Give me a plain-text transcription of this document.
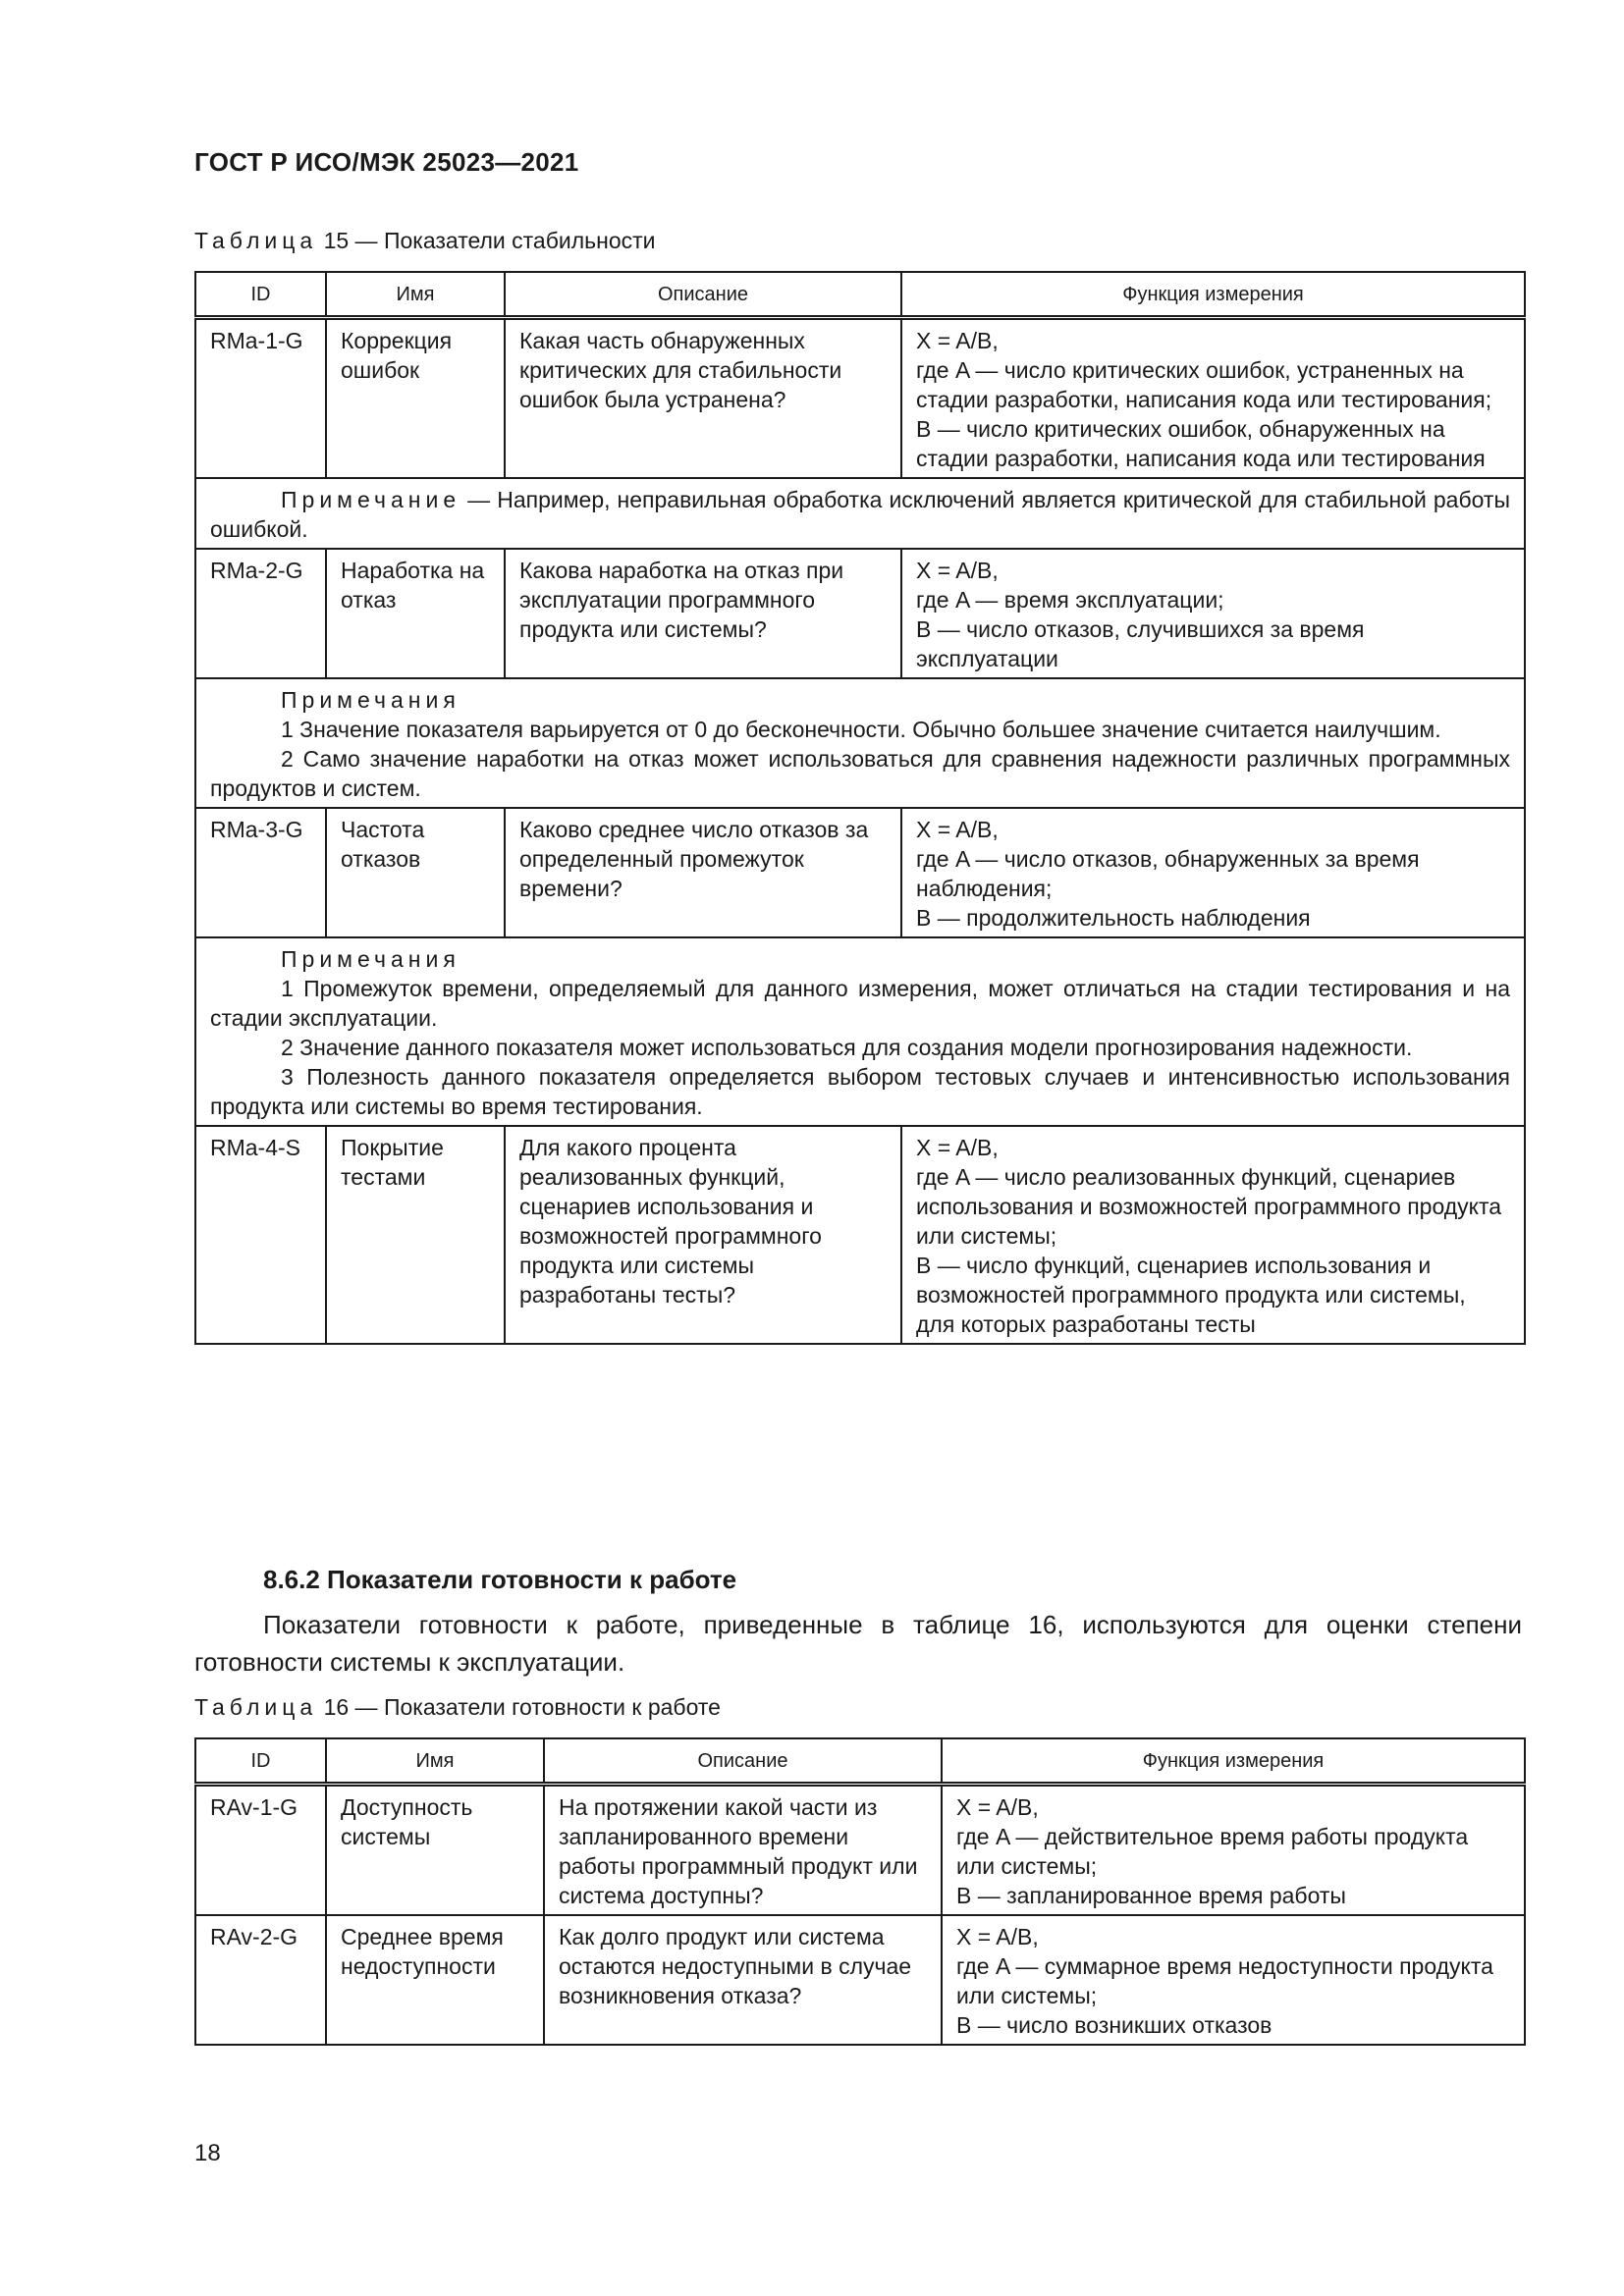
ГОСТ Р ИСО/МЭК 25023—2021
Таблица 15 — Показатели стабильности
ID	Имя	Описание	Функция измерения
RMa-1-G	Коррекция ошибок	Какая часть обнаруженных критических для стабильности ошибок была устранена?	X = A/B,
где A — число критических ошибок, устраненных на стадии разработки, написания кода или тестирования;
B — число критических ошибок, обнаруженных на стадии разработки, написания кода или тестирования

Примечание — Например, неправильная обработка исключений является критической для стабильной работы ошибкой.			

RMa-2-G	Наработка на отказ	Какова наработка на отказ при эксплуатации программного продукта или системы?	X = A/B,
где A — время эксплуатации;
B — число отказов, случившихся за время эксплуатации

Примечания

1 Значение показателя варьируется от 0 до бесконечности. Обычно большее значение считается наилучшим.

2 Само значение наработки на отказ может использоваться для сравнения надежности различных программных продуктов и систем.			

RMa-3-G	Частота отказов	Каково среднее число отказов за определенный промежуток времени?	X = A/B,
где A — число отказов, обнаруженных за время наблюдения;
B — продолжительность наблюдения

Примечания

1 Промежуток времени, определяемый для данного измерения, может отличаться на стадии тестирования и на стадии эксплуатации.

2 Значение данного показателя может использоваться для создания модели прогнозирования надежности.

3 Полезность данного показателя определяется выбором тестовых случаев и интенсивностью использования продукта или системы во время тестирования.			

RMa-4-S	Покрытие тестами	Для какого процента реализованных функций, сценариев использования и возможностей программного продукта или системы разработаны тесты?	X = A/B,
где A — число реализованных функций, сценариев использования и возможностей программного продукта или системы;
B — число функций, сценариев использования и возможностей программного продукта или системы, для которых разработаны тесты
8.6.2 Показатели готовности к работе

Показатели готовности к работе, приведенные в таблице 16, используются для оценки степени готовности системы к эксплуатации.

Таблица 16 — Показатели готовности к работе
ID	Имя	Описание	Функция измерения
RAv-1-G	Доступность системы	На протяжении какой части из запланированного времени работы программный продукт или система доступны?	X = A/B,
где A — действительное время работы продукта или системы;
B — запланированное время работы

RAv-2-G	Среднее время недоступности	Как долго продукт или система остаются недоступными в случае возникновения отказа?	X = A/B,
где A — суммарное время недоступности продукта или системы;
B — число возникших отказов
18
